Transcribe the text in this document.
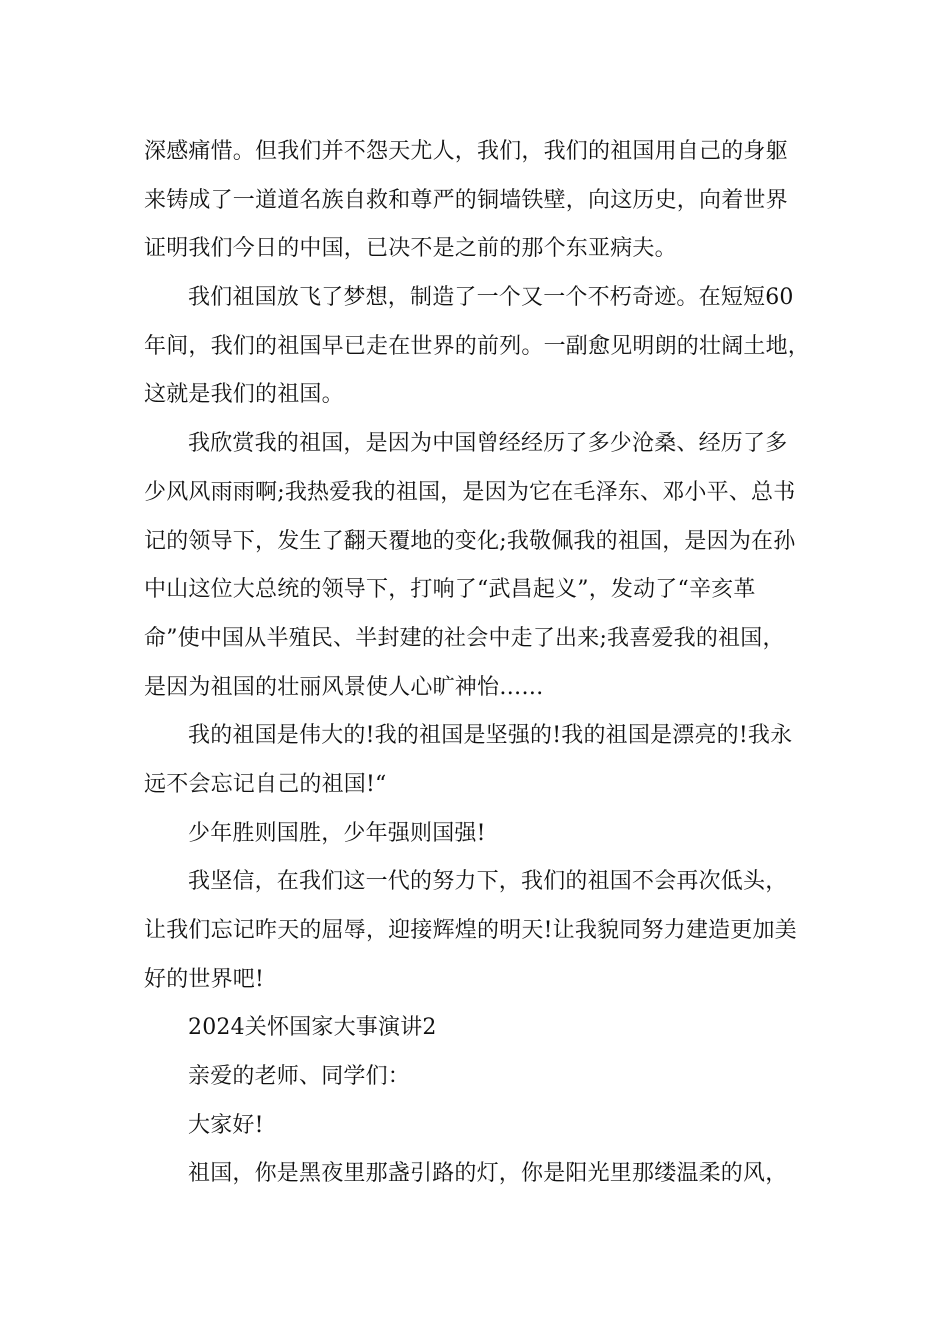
深感痛惜。但我们并不怨天尤人，我们，我们的祖国用自己的身躯
来铸成了一道道名族自救和尊严的铜墙铁壁，向这历史，向着世界
证明我们今日的中国，已决不是之前的那个东亚病夫。
我们祖国放飞了梦想，制造了一个又一个不朽奇迹。在短短60
年间，我们的祖国早已走在世界的前列。一副愈见明朗的壮阔土地，
这就是我们的祖国。
我欣赏我的祖国，是因为中国曾经经历了多少沧桑、经历了多
少风风雨雨啊;我热爱我的祖国，是因为它在毛泽东、邓小平、总书
记的领导下，发生了翻天覆地的变化;我敬佩我的祖国，是因为在孙
中山这位大总统的领导下，打响了“武昌起义”，发动了“辛亥革
命”使中国从半殖民、半封建的社会中走了出来;我喜爱我的祖国，
是因为祖国的壮丽风景使人心旷神怡……
我的祖国是伟大的!我的祖国是坚强的!我的祖国是漂亮的!我永
远不会忘记自己的祖国!“
少年胜则国胜，少年强则国强!
我坚信，在我们这一代的努力下，我们的祖国不会再次低头，
让我们忘记昨天的屈辱，迎接辉煌的明天!让我貌同努力建造更加美
好的世界吧!
2024关怀国家大事演讲2
亲爱的老师、同学们：
大家好!
祖国，你是黑夜里那盏引路的灯，你是阳光里那缕温柔的风，
